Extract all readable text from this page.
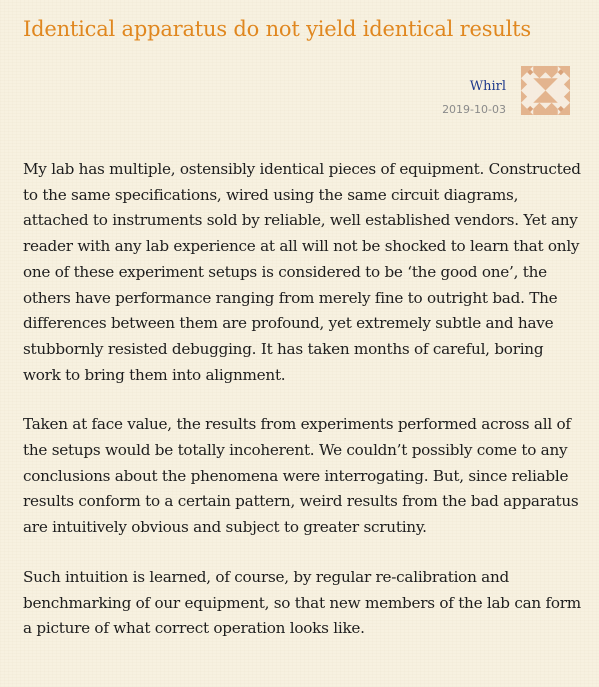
Identical apparatus do not yield identical results
Whirl
2019-10-03

My lab has multiple, ostensibly identical pieces of equipment. Constructed to the same specifications, wired using the same circuit diagrams, attached to instruments sold by reliable, well established vendors. Yet any reader with any lab experience at all will not be shocked to learn that only one of these experiment setups is considered to be ‘the good one’, the others have performance ranging from merely fine to outright bad. The differences between them are profound, yet extremely subtle and have stubbornly resisted debugging. It has taken months of careful, boring work to bring them into alignment.

Taken at face value, the results from experiments performed across all of the setups would be totally incoherent. We couldn’t possibly come to any conclusions about the phenomena were interrogating. But, since reliable results conform to a certain pattern, weird results from the bad apparatus are intuitively obvious and subject to greater scrutiny.

Such intuition is learned, of course, by regular re-calibration and benchmarking of our equipment, so that new members of the lab can form a picture of what correct operation looks like.
